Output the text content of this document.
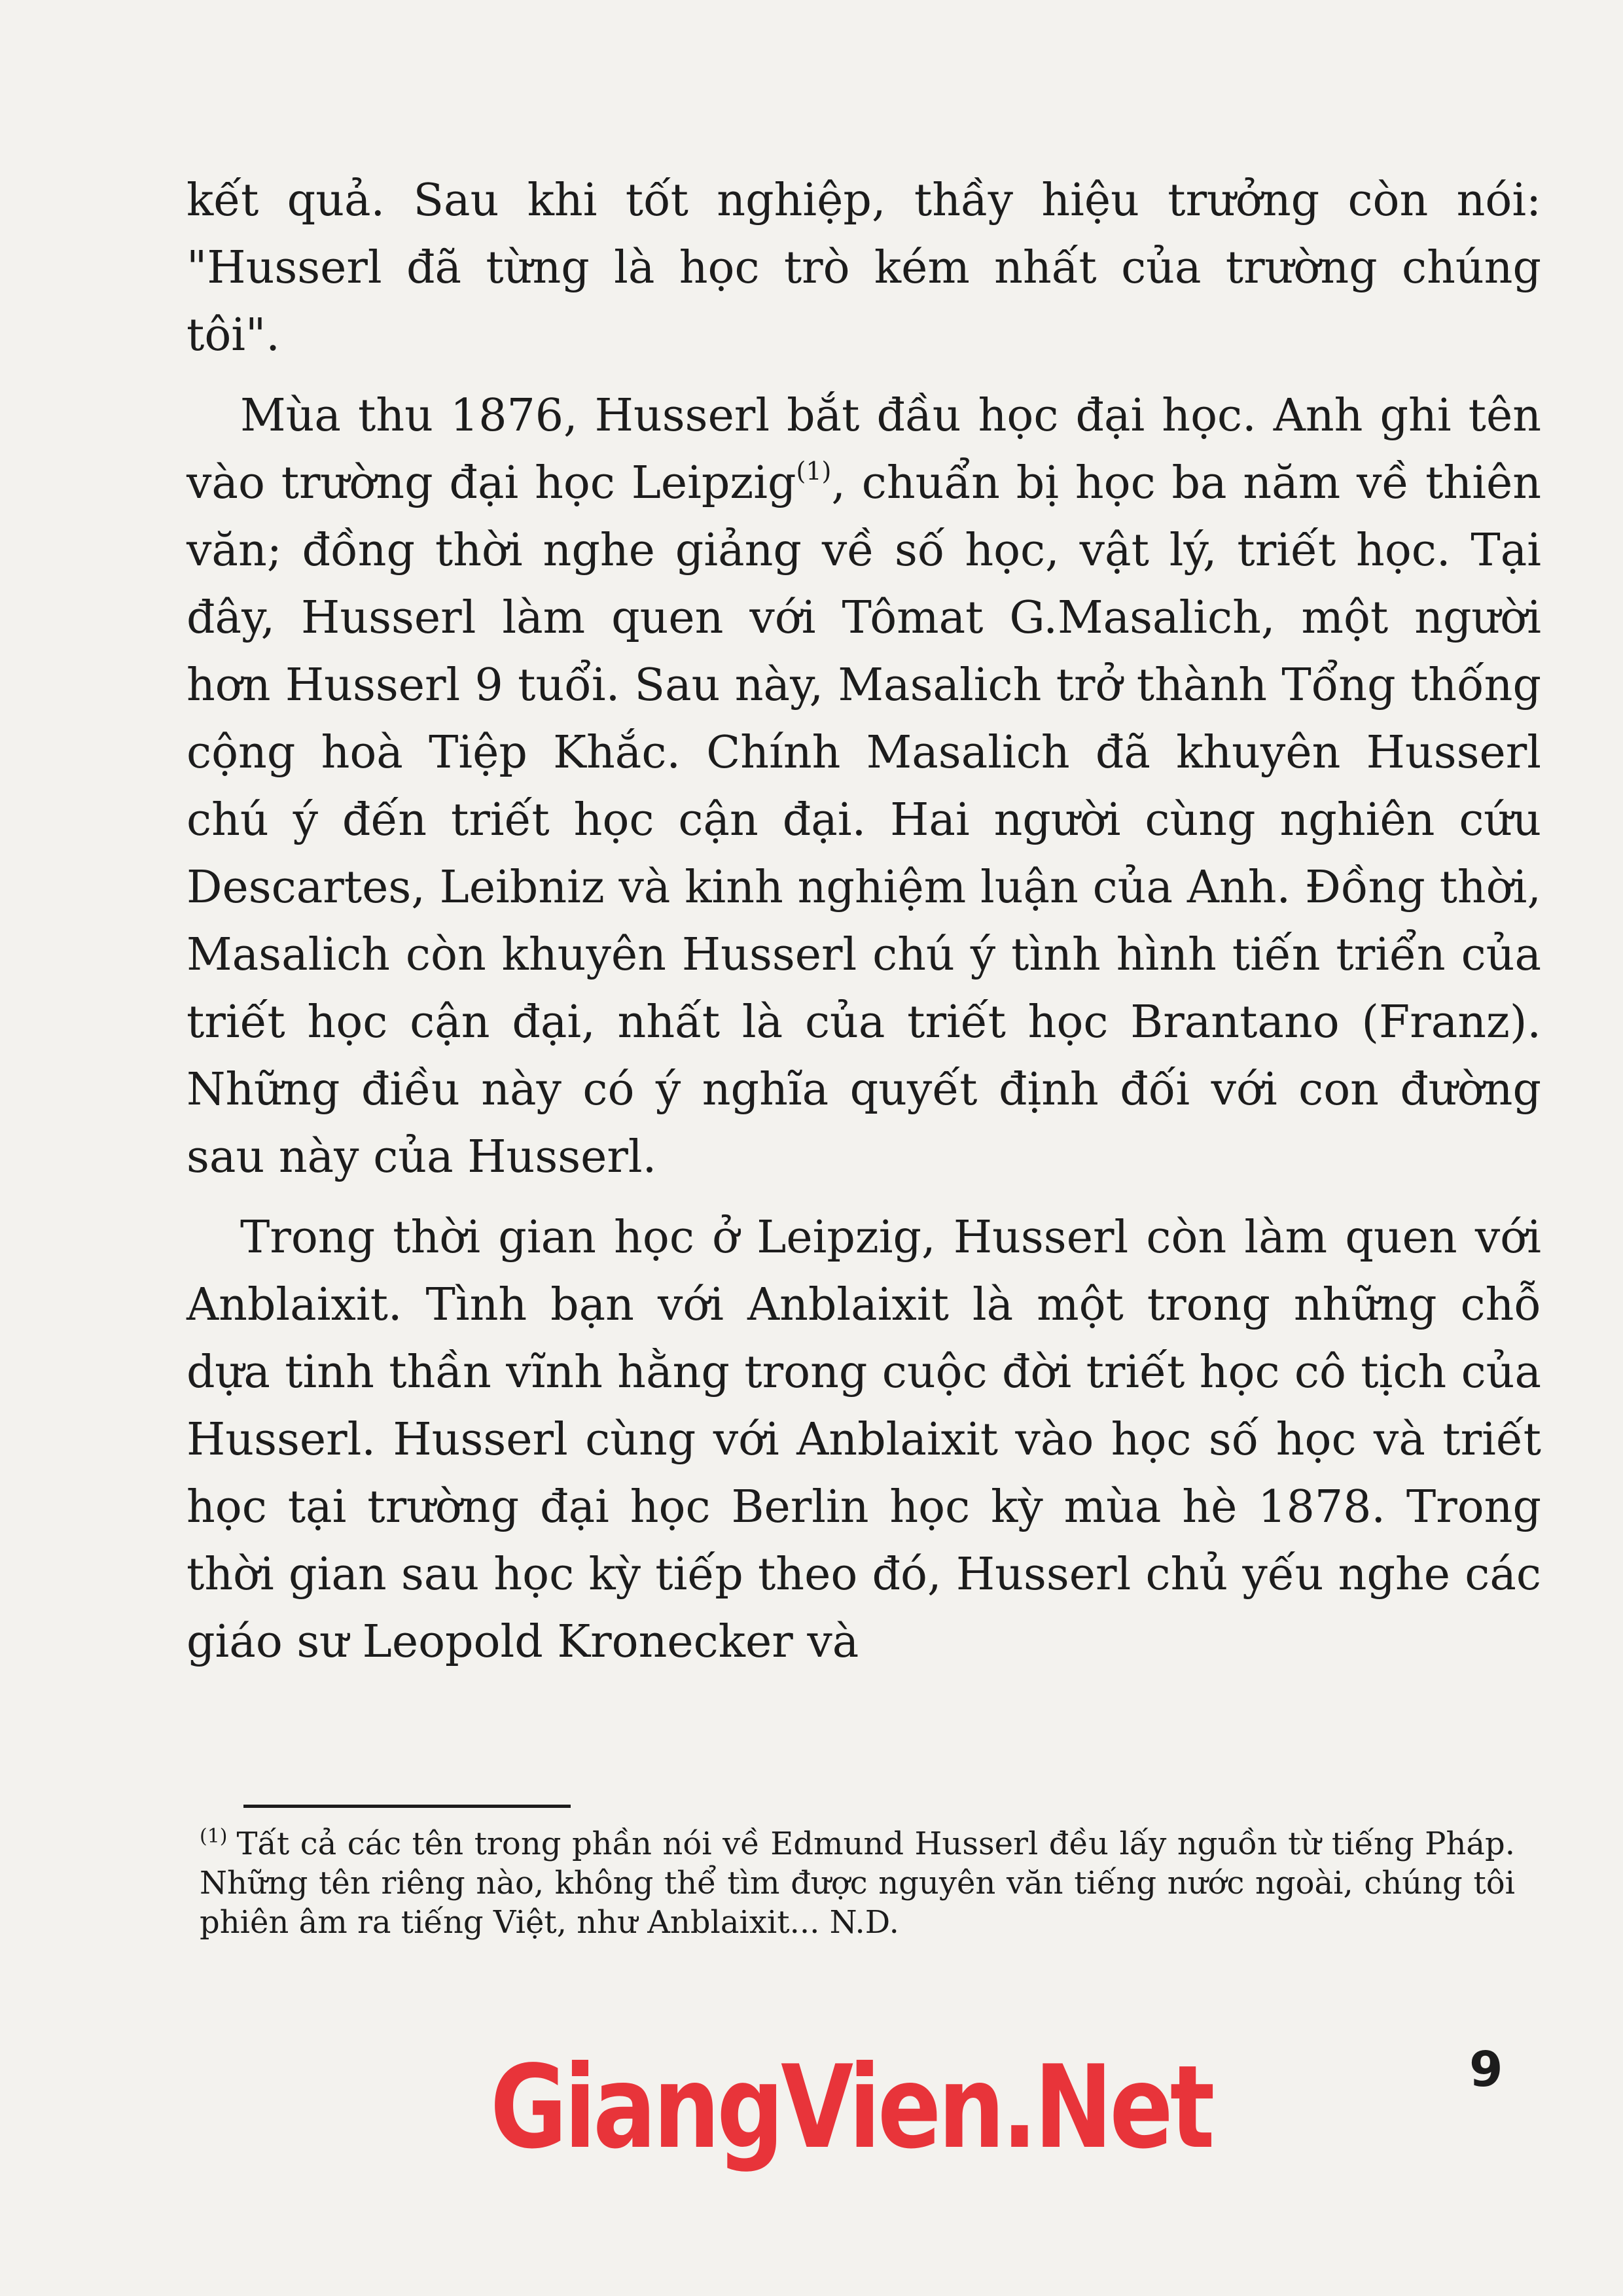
kết quả. Sau khi tốt nghiệp, thầy hiệu trưởng còn nói: "Husserl đã từng là học trò kém nhất của trường chúng tôi".

Mùa thu 1876, Husserl bắt đầu học đại học. Anh ghi tên vào trường đại học Leipzig$^{(1)}$, chuẩn bị học ba năm về thiên văn; đồng thời nghe giảng về số học, vật lý, triết học. Tại đây, Husserl làm quen với Tômat G.Masalich, một người hơn Husserl 9 tuổi. Sau này, Masalich trở thành Tổng thống cộng hoà Tiệp Khắc. Chính Masalich đã khuyên Husserl chú ý đến triết học cận đại. Hai người cùng nghiên cứu Descartes, Leibniz và kinh nghiệm luận của Anh. Đồng thời, Masalich còn khuyên Husserl chú ý tình hình tiến triển của triết học cận đại, nhất là của triết học Brantano (Franz). Những điều này có ý nghĩa quyết định đối với con đường sau này của Husserl.

Trong thời gian học ở Leipzig, Husserl còn làm quen với Anblaixit. Tình bạn với Anblaixit là một trong những chỗ dựa tinh thần vĩnh hằng trong cuộc đời triết học cô tịch của Husserl. Husserl cùng với Anblaixit vào học số học và triết học tại trường đại học Berlin học kỳ mùa hè 1878. Trong thời gian sau học kỳ tiếp theo đó, Husserl chủ yếu nghe các giáo sư Leopold Kronecker và

$^{(1)}$ Tất cả các tên trong phần nói về Edmund Husserl đều lấy nguồn từ tiếng Pháp. Những tên riêng nào, không thể tìm được nguyên văn tiếng nước ngoài, chúng tôi phiên âm ra tiếng Việt, như Anblaixit... N.D.
GiangVien.Net	9
